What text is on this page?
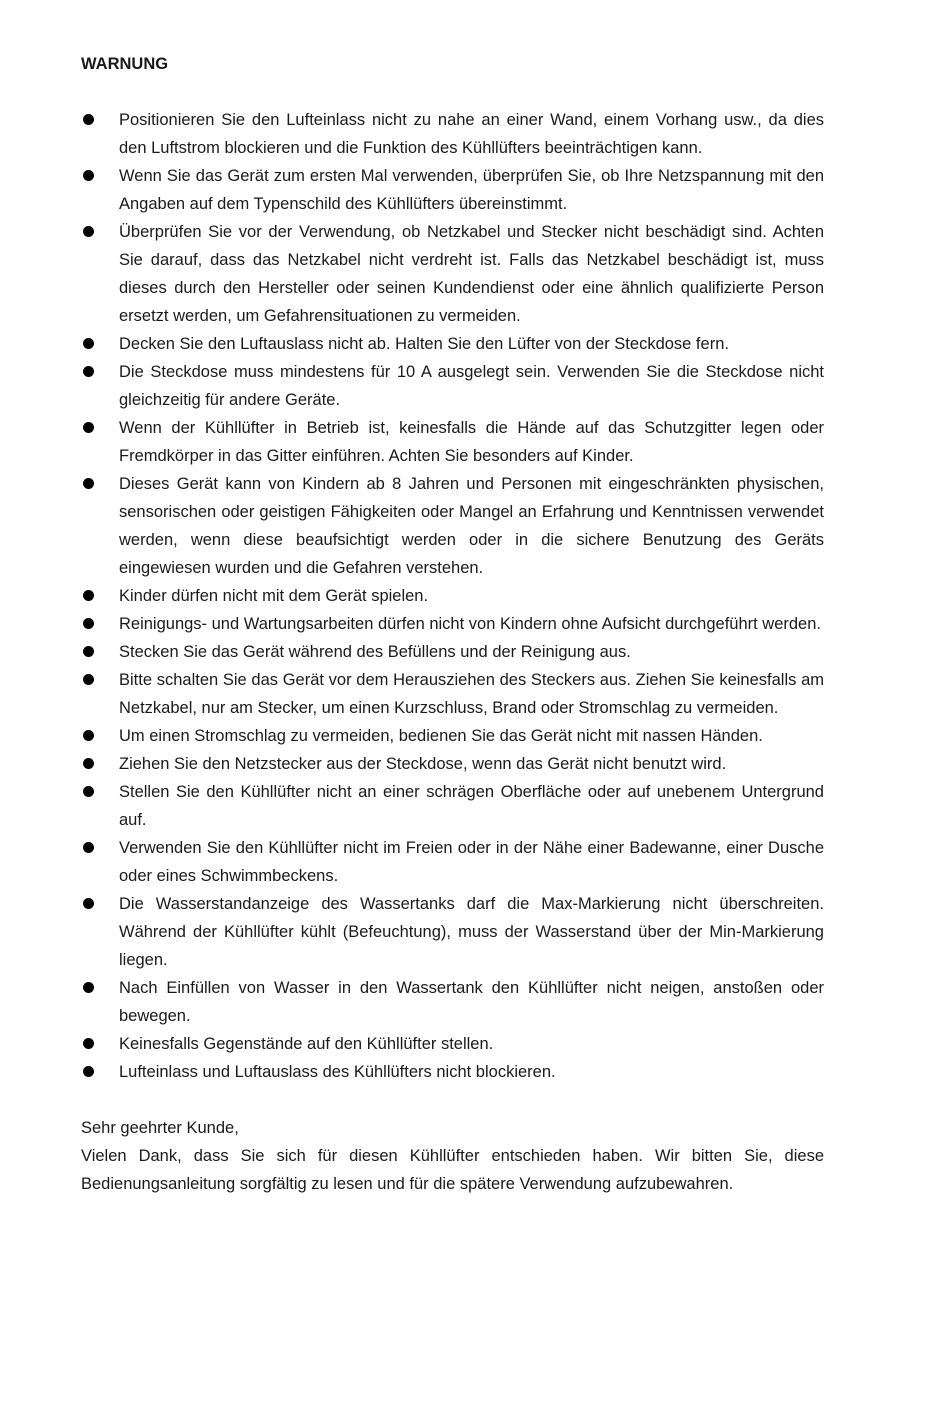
WARNUNG
Positionieren Sie den Lufteinlass nicht zu nahe an einer Wand, einem Vorhang usw., da dies den Luftstrom blockieren und die Funktion des Kühllüfters beeinträchtigen kann.
Wenn Sie das Gerät zum ersten Mal verwenden, überprüfen Sie, ob Ihre Netzspannung mit den Angaben auf dem Typenschild des Kühllüfters übereinstimmt.
Überprüfen Sie vor der Verwendung, ob Netzkabel und Stecker nicht beschädigt sind. Achten Sie darauf, dass das Netzkabel nicht verdreht ist. Falls das Netzkabel beschädigt ist, muss dieses durch den Hersteller oder seinen Kundendienst oder eine ähnlich qualifizierte Person ersetzt werden, um Gefahrensituationen zu vermeiden.
Decken Sie den Luftauslass nicht ab. Halten Sie den Lüfter von der Steckdose fern.
Die Steckdose muss mindestens für 10 A ausgelegt sein. Verwenden Sie die Steckdose nicht gleichzeitig für andere Geräte.
Wenn der Kühllüfter in Betrieb ist, keinesfalls die Hände auf das Schutzgitter legen oder Fremdkörper in das Gitter einführen. Achten Sie besonders auf Kinder.
Dieses Gerät kann von Kindern ab 8 Jahren und Personen mit eingeschränkten physischen, sensorischen oder geistigen Fähigkeiten oder Mangel an Erfahrung und Kenntnissen verwendet werden, wenn diese beaufsichtigt werden oder in die sichere Benutzung des Geräts eingewiesen wurden und die Gefahren verstehen.
Kinder dürfen nicht mit dem Gerät spielen.
Reinigungs- und Wartungsarbeiten dürfen nicht von Kindern ohne Aufsicht durchgeführt werden.
Stecken Sie das Gerät während des Befüllens und der Reinigung aus.
Bitte schalten Sie das Gerät vor dem Herausziehen des Steckers aus. Ziehen Sie keinesfalls am Netzkabel, nur am Stecker, um einen Kurzschluss, Brand oder Stromschlag zu vermeiden.
Um einen Stromschlag zu vermeiden, bedienen Sie das Gerät nicht mit nassen Händen.
Ziehen Sie den Netzstecker aus der Steckdose, wenn das Gerät nicht benutzt wird.
Stellen Sie den Kühllüfter nicht an einer schrägen Oberfläche oder auf unebenem Untergrund auf.
Verwenden Sie den Kühllüfter nicht im Freien oder in der Nähe einer Badewanne, einer Dusche oder eines Schwimmbeckens.
Die Wasserstandanzeige des Wassertanks darf die Max-Markierung nicht überschreiten. Während der Kühllüfter kühlt (Befeuchtung), muss der Wasserstand über der Min-Markierung liegen.
Nach Einfüllen von Wasser in den Wassertank den Kühllüfter nicht neigen, anstoßen oder bewegen.
Keinesfalls Gegenstände auf den Kühllüfter stellen.
Lufteinlass und Luftauslass des Kühllüfters nicht blockieren.

Sehr geehrter Kunde,

Vielen Dank, dass Sie sich für diesen Kühllüfter entschieden haben. Wir bitten Sie, diese Bedienungsanleitung sorgfältig zu lesen und für die spätere Verwendung aufzubewahren.
